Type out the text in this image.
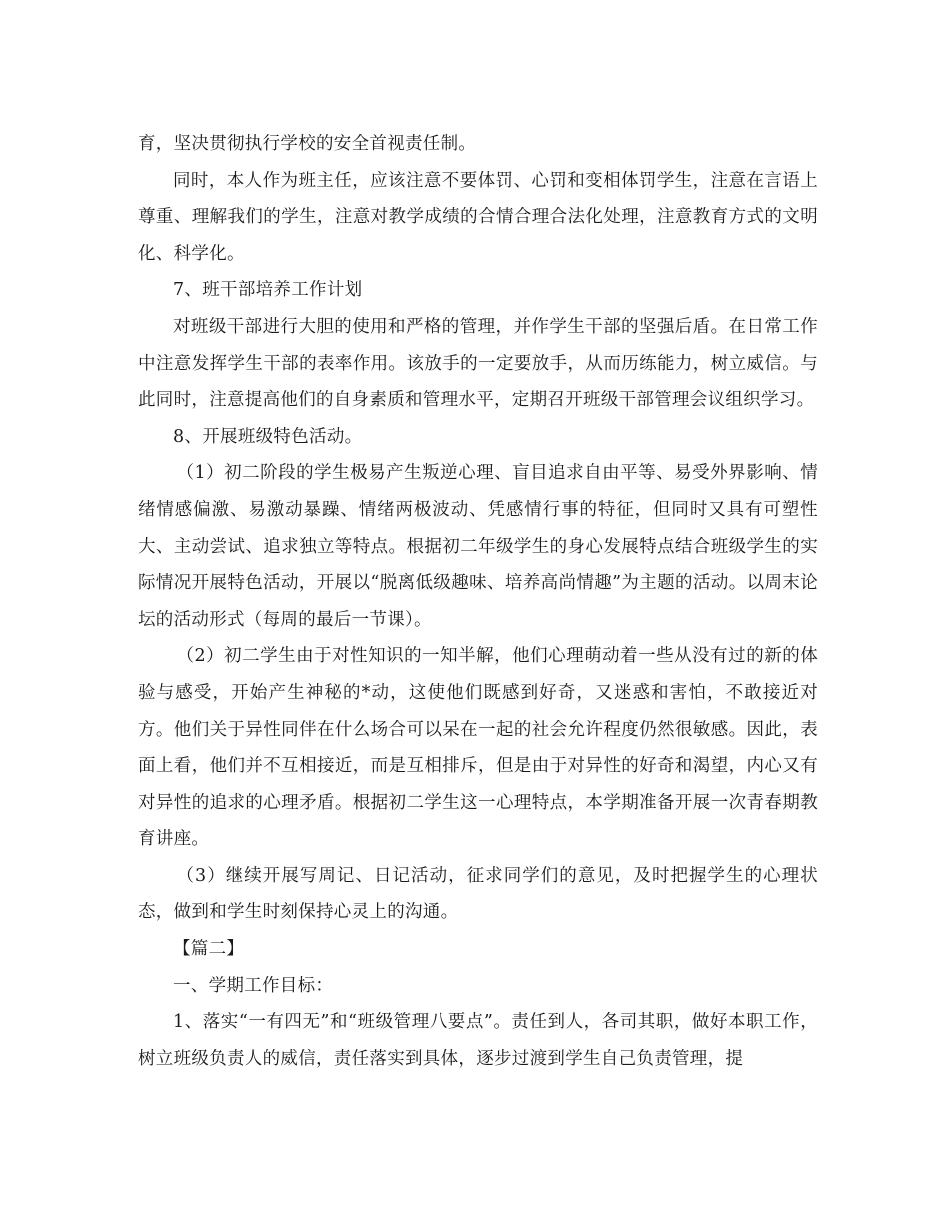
育，坚决贯彻执行学校的安全首视责任制。

同时，本人作为班主任，应该注意不要体罚、心罚和变相体罚学生，注意在言语上尊重、理解我们的学生，注意对教学成绩的合情合理合法化处理，注意教育方式的文明化、科学化。

7、班干部培养工作计划

对班级干部进行大胆的使用和严格的管理，并作学生干部的坚强后盾。在日常工作中注意发挥学生干部的表率作用。该放手的一定要放手，从而历练能力，树立威信。与此同时，注意提高他们的自身素质和管理水平，定期召开班级干部管理会议组织学习。

8、开展班级特色活动。

（1）初二阶段的学生极易产生叛逆心理、盲目追求自由平等、易受外界影响、情绪情感偏激、易激动暴躁、情绪两极波动、凭感情行事的特征，但同时又具有可塑性大、主动尝试、追求独立等特点。根据初二年级学生的身心发展特点结合班级学生的实际情况开展特色活动，开展以“脱离低级趣味、培养高尚情趣”为主题的活动。以周末论坛的活动形式（每周的最后一节课）。

（2）初二学生由于对性知识的一知半解，他们心理萌动着一些从没有过的新的体验与感受，开始产生神秘的*动，这使他们既感到好奇，又迷惑和害怕，不敢接近对方。他们关于异性同伴在什么场合可以呆在一起的社会允许程度仍然很敏感。因此，表面上看，他们并不互相接近，而是互相排斥，但是由于对异性的好奇和渴望，内心又有对异性的追求的心理矛盾。根据初二学生这一心理特点，本学期准备开展一次青春期教育讲座。

（3）继续开展写周记、日记活动，征求同学们的意见，及时把握学生的心理状态，做到和学生时刻保持心灵上的沟通。

【篇二】

一、学期工作目标：

1、落实“一有四无”和“班级管理八要点”。责任到人，各司其职，做好本职工作，树立班级负责人的威信，责任落实到具体，逐步过渡到学生自己负责管理，提
